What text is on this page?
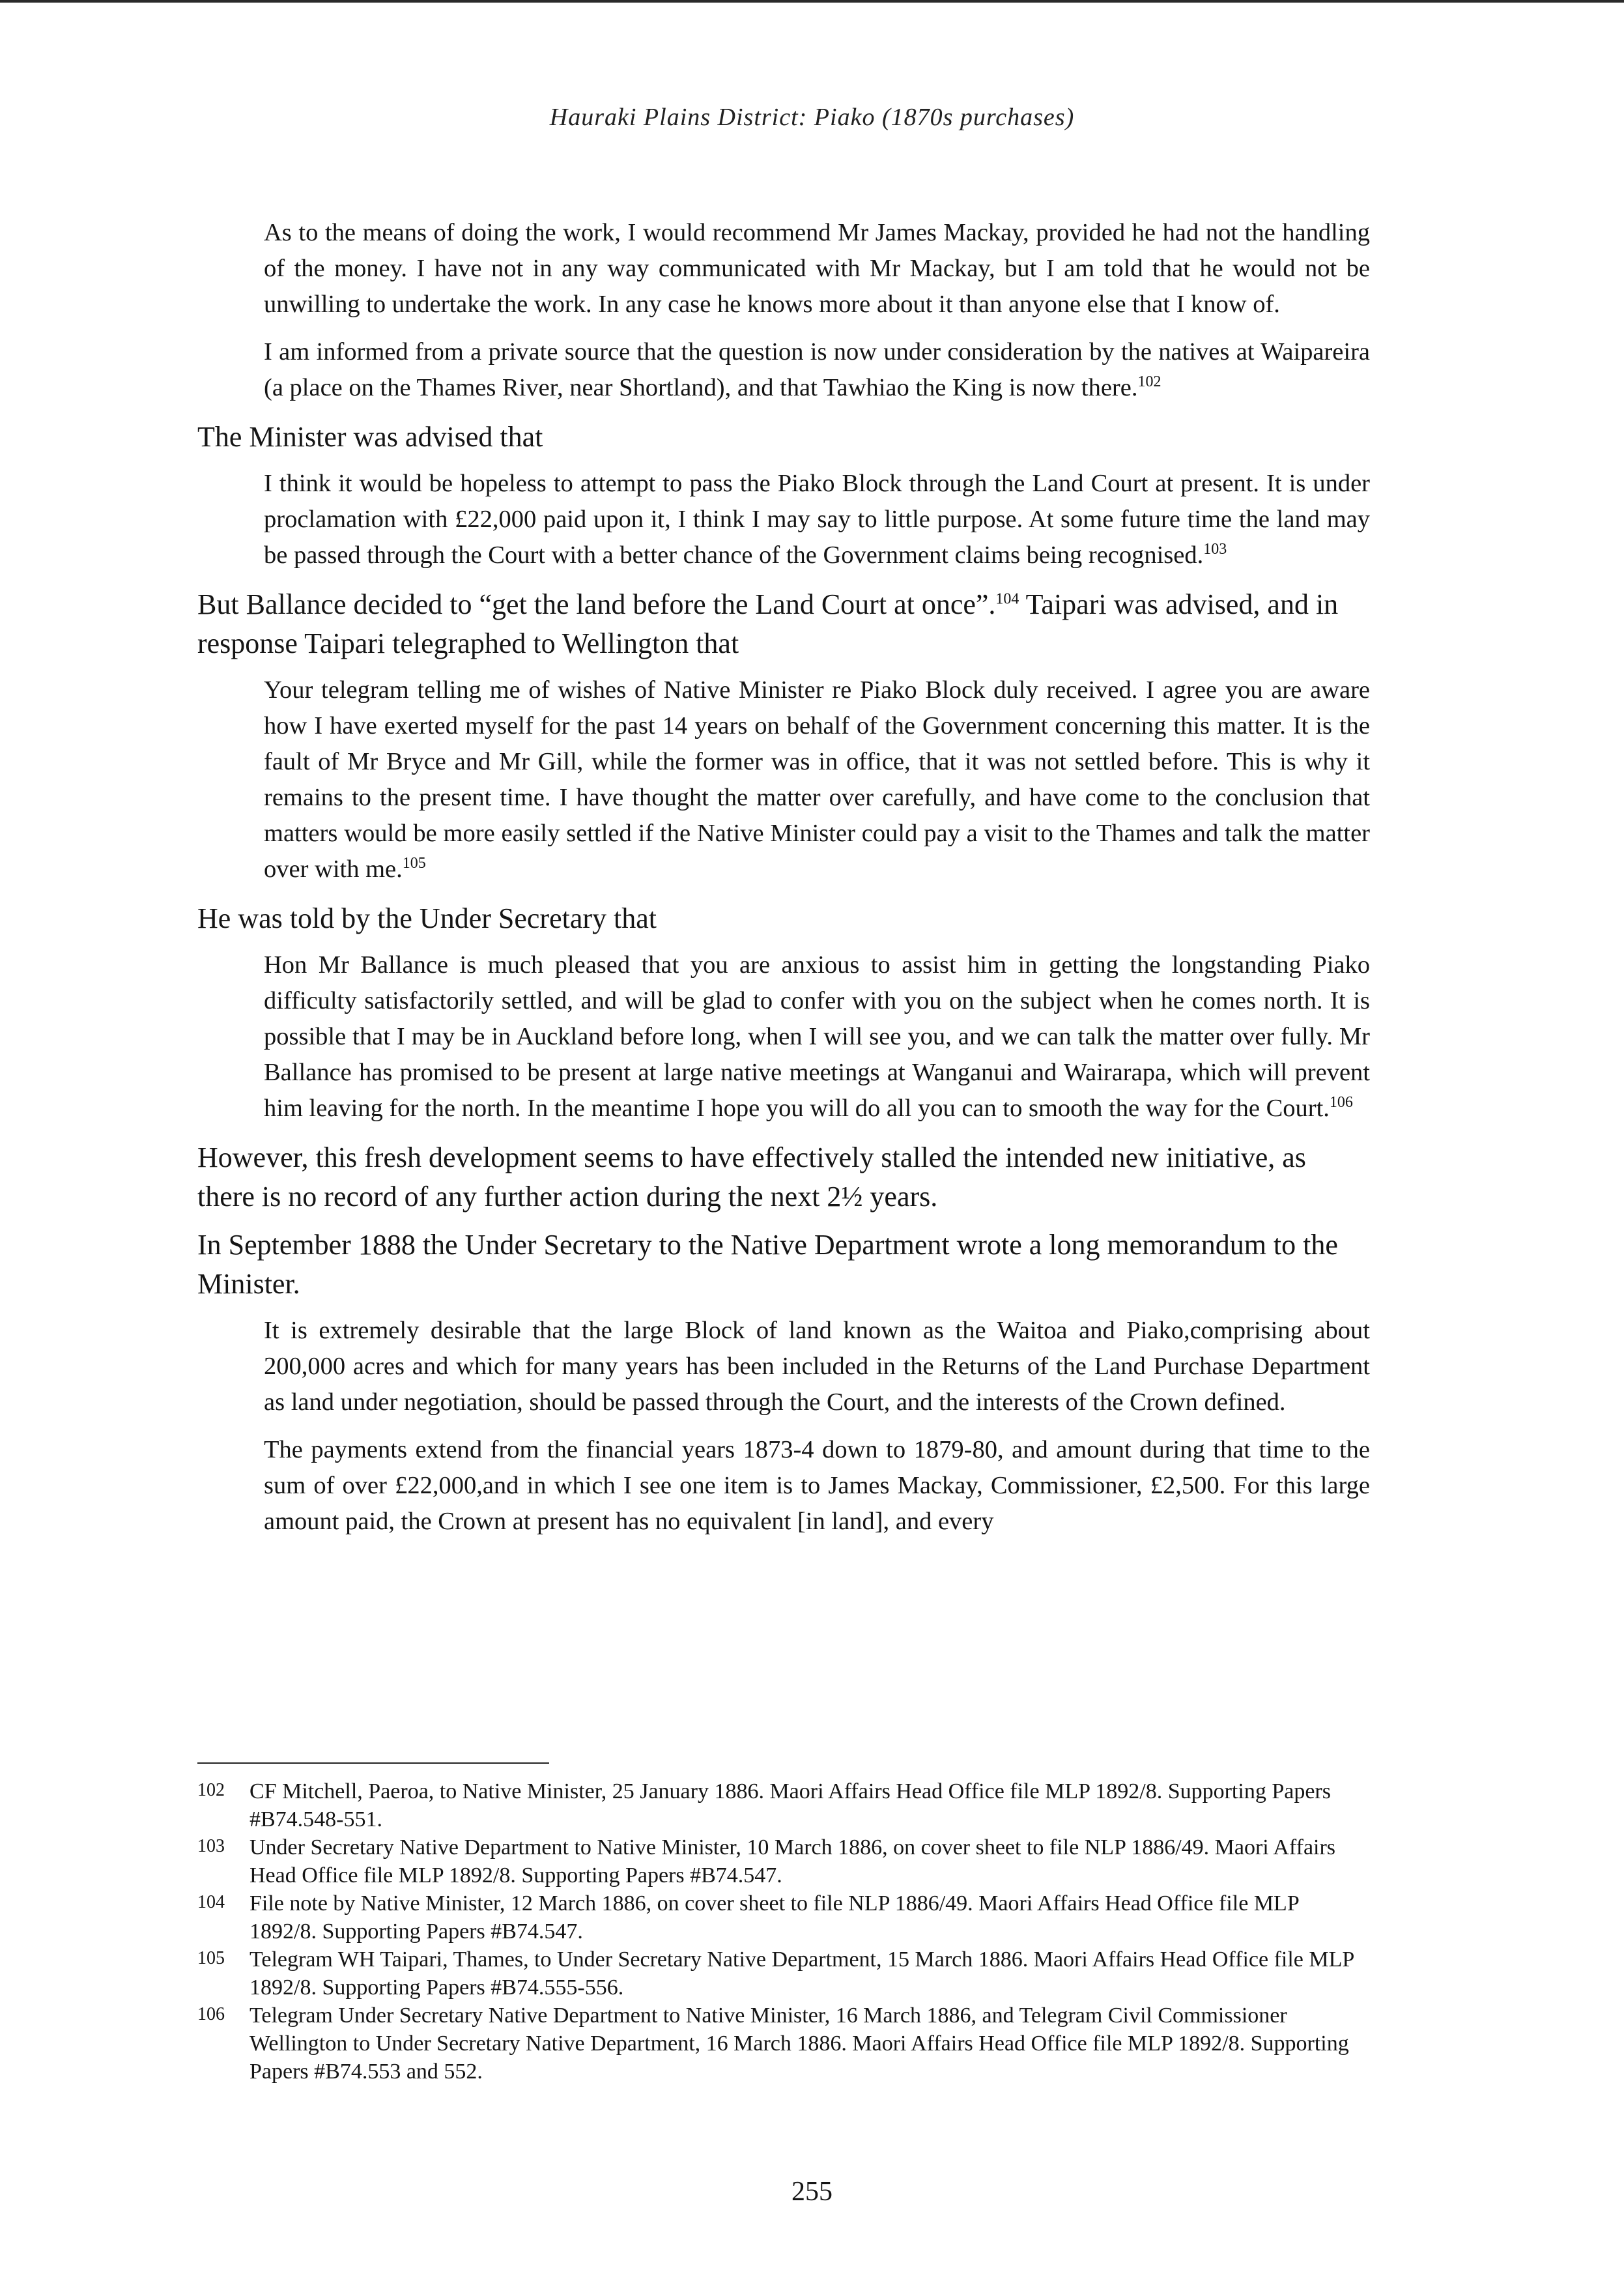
Hauraki Plains District: Piako (1870s purchases)
As to the means of doing the work, I would recommend Mr James Mackay, provided he had not the handling of the money. I have not in any way communicated with Mr Mackay, but I am told that he would not be unwilling to undertake the work. In any case he knows more about it than anyone else that I know of.
I am informed from a private source that the question is now under consideration by the natives at Waipareira (a place on the Thames River, near Shortland), and that Tawhiao the King is now there.$^{102}$
The Minister was advised that
I think it would be hopeless to attempt to pass the Piako Block through the Land Court at present. It is under proclamation with £22,000 paid upon it, I think I may say to little purpose. At some future time the land may be passed through the Court with a better chance of the Government claims being recognised.$^{103}$
But Ballance decided to “get the land before the Land Court at once”.$^{104}$ Taipari was advised, and in response Taipari telegraphed to Wellington that
Your telegram telling me of wishes of Native Minister re Piako Block duly received. I agree you are aware how I have exerted myself for the past 14 years on behalf of the Government concerning this matter. It is the fault of Mr Bryce and Mr Gill, while the former was in office, that it was not settled before. This is why it remains to the present time. I have thought the matter over carefully, and have come to the conclusion that matters would be more easily settled if the Native Minister could pay a visit to the Thames and talk the matter over with me.$^{105}$
He was told by the Under Secretary that
Hon Mr Ballance is much pleased that you are anxious to assist him in getting the longstanding Piako difficulty satisfactorily settled, and will be glad to confer with you on the subject when he comes north. It is possible that I may be in Auckland before long, when I will see you, and we can talk the matter over fully. Mr Ballance has promised to be present at large native meetings at Wanganui and Wairarapa, which will prevent him leaving for the north. In the meantime I hope you will do all you can to smooth the way for the Court.$^{106}$
However, this fresh development seems to have effectively stalled the intended new initiative, as there is no record of any further action during the next 2½ years.
In September 1888 the Under Secretary to the Native Department wrote a long memorandum to the Minister.
It is extremely desirable that the large Block of land known as the Waitoa and Piako,comprising about 200,000 acres and which for many years has been included in the Returns of the Land Purchase Department as land under negotiation, should be passed through the Court, and the interests of the Crown defined.
The payments extend from the financial years 1873-4 down to 1879-80, and amount during that time to the sum of over £22,000,and in which I see one item is to James Mackay, Commissioner, £2,500. For this large amount paid, the Crown at present has no equivalent [in land], and every
102	CF Mitchell, Paeroa, to Native Minister, 25 January 1886. Maori Affairs Head Office file MLP 1892/8. Supporting Papers #B74.548-551.
103	Under Secretary Native Department to Native Minister, 10 March 1886, on cover sheet to file NLP 1886/49. Maori Affairs Head Office file MLP 1892/8. Supporting Papers #B74.547.
104	File note by Native Minister, 12 March 1886, on cover sheet to file NLP 1886/49. Maori Affairs Head Office file MLP 1892/8. Supporting Papers #B74.547.
105	Telegram WH Taipari, Thames, to Under Secretary Native Department, 15 March 1886. Maori Affairs Head Office file MLP 1892/8. Supporting Papers #B74.555-556.
106	Telegram Under Secretary Native Department to Native Minister, 16 March 1886, and Telegram Civil Commissioner Wellington to Under Secretary Native Department, 16 March 1886. Maori Affairs Head Office file MLP 1892/8. Supporting Papers #B74.553 and 552.
255
